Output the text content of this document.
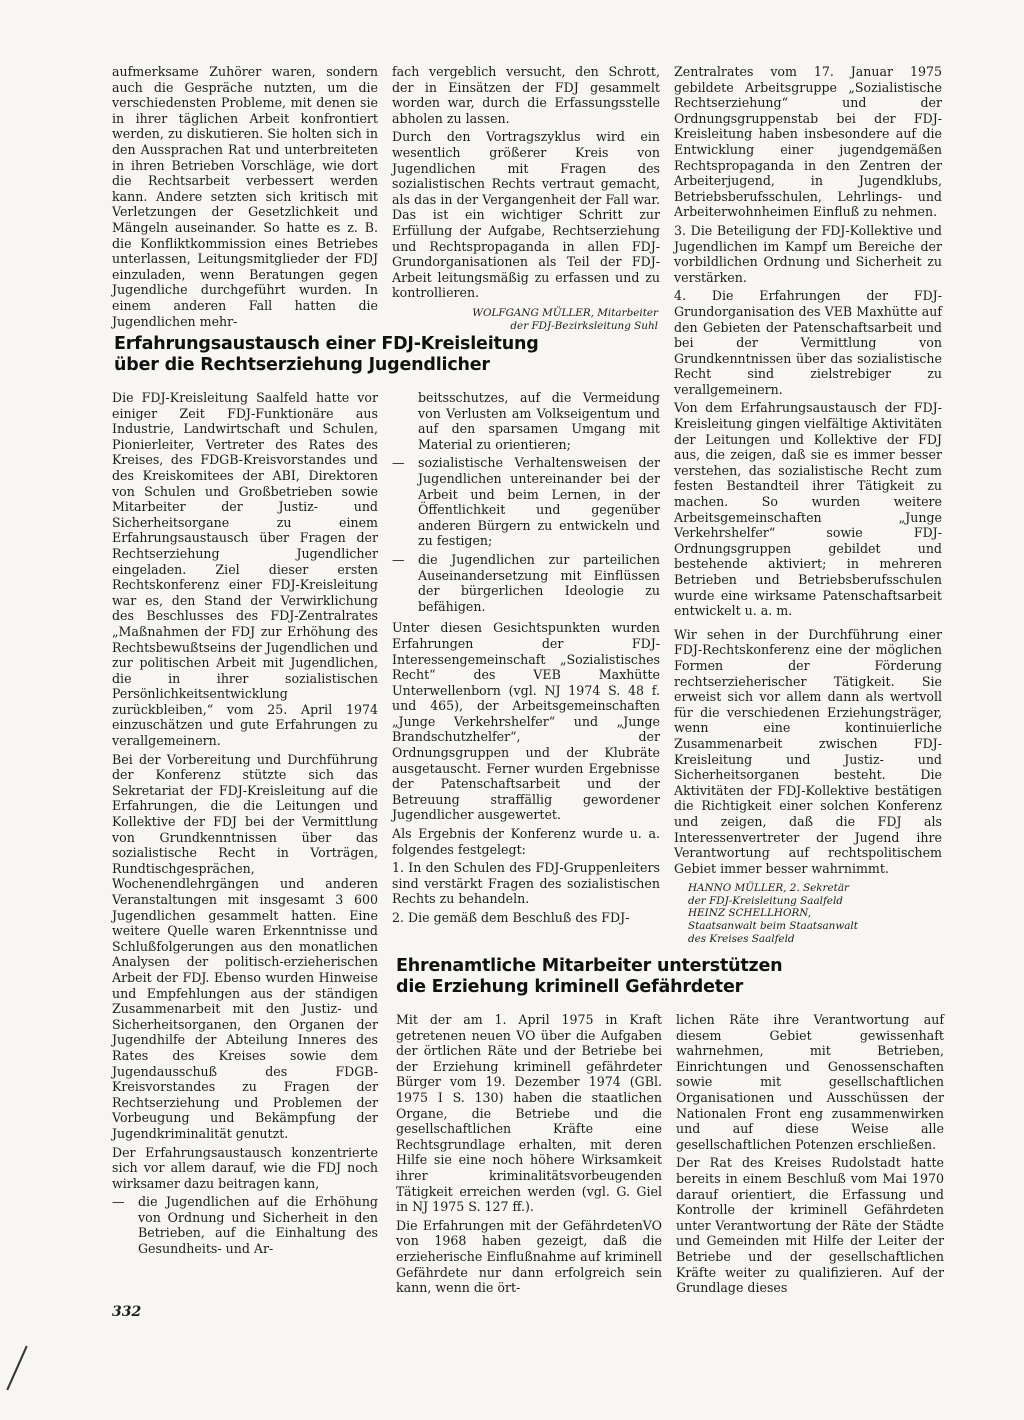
aufmerksame Zuhörer waren, sondern auch die Gespräche nutzten, um die verschiedensten Probleme, mit denen sie in ihrer täglichen Arbeit konfrontiert werden, zu diskutieren. Sie holten sich in den Aussprachen Rat und unterbreiteten in ihren Betrieben Vorschläge, wie dort die Rechtsarbeit verbessert werden kann. Andere setzten sich kritisch mit Verletzungen der Gesetzlichkeit und Mängeln auseinander. So hatte es z. B. die Konfliktkommission eines Betriebes unterlassen, Leitungsmitglieder der FDJ einzuladen, wenn Beratungen gegen Jugendliche durchgeführt wurden. In einem anderen Fall hatten die Jugendlichen mehr-

fach vergeblich versucht, den Schrott, der in Einsätzen der FDJ gesammelt worden war, durch die Erfassungsstelle abholen zu lassen.

Durch den Vortragszyklus wird ein wesentlich größerer Kreis von Jugendlichen mit Fragen des sozialistischen Rechts vertraut gemacht, als das in der Vergangenheit der Fall war. Das ist ein wichtiger Schritt zur Erfüllung der Aufgabe, Rechtserziehung und Rechtspropaganda in allen FDJ-Grundorganisationen als Teil der FDJ-Arbeit leitungsmäßig zu erfassen und zu kontrollieren.

WOLFGANG MÜLLER, Mitarbeiter
der FDJ-Bezirksleitung Suhl
Erfahrungsaustausch einer FDJ-Kreisleitung
über die Rechtserziehung Jugendlicher

Die FDJ-Kreisleitung Saalfeld hatte vor einiger Zeit FDJ-Funktionäre aus Industrie, Landwirtschaft und Schulen, Pionierleiter, Vertreter des Rates des Kreises, des FDGB-Kreisvorstandes und des Kreiskomitees der ABI, Direktoren von Schulen und Großbetrieben sowie Mitarbeiter der Justiz- und Sicherheitsorgane zu einem Erfahrungsaustausch über Fragen der Rechtserziehung Jugendlicher eingeladen. Ziel dieser ersten Rechtskonferenz einer FDJ-Kreisleitung war es, den Stand der Verwirklichung des Beschlusses des FDJ-Zentralrates „Maßnahmen der FDJ zur Erhöhung des Rechtsbewußtseins der Jugendlichen und zur politischen Arbeit mit Jugendlichen, die in ihrer sozialistischen Persönlichkeitsentwicklung zurückbleiben,“ vom 25. April 1974 einzuschätzen und gute Erfahrungen zu verallgemeinern.

Bei der Vorbereitung und Durchführung der Konferenz stützte sich das Sekretariat der FDJ-Kreisleitung auf die Erfahrungen, die die Leitungen und Kollektive der FDJ bei der Vermittlung von Grundkenntnissen über das sozialistische Recht in Vorträgen, Rundtischgesprächen, Wochenendlehrgängen und anderen Veranstaltungen mit insgesamt 3 600 Jugendlichen gesammelt hatten. Eine weitere Quelle waren Erkenntnisse und Schlußfolgerungen aus den monatlichen Analysen der politisch-erzieherischen Arbeit der FDJ. Ebenso wurden Hinweise und Empfehlungen aus der ständigen Zusammenarbeit mit den Justiz- und Sicherheitsorganen, den Organen der Jugendhilfe der Abteilung Inneres des Rates des Kreises sowie dem Jugendausschuß des FDGB-Kreisvorstandes zu Fragen der Rechtserziehung und Problemen der Vorbeugung und Bekämpfung der Jugendkriminalität genutzt.

Der Erfahrungsaustausch konzentrierte sich vor allem darauf, wie die FDJ noch wirksamer dazu beitragen kann,

— die Jugendlichen auf die Erhöhung von Ordnung und Sicherheit in den Betrieben, auf die Einhaltung des Gesundheits- und Ar-

beitsschutzes, auf die Vermeidung von Verlusten am Volkseigentum und auf den sparsamen Umgang mit Material zu orientieren;

— sozialistische Verhaltensweisen der Jugendlichen untereinander bei der Arbeit und beim Lernen, in der Öffentlichkeit und gegenüber anderen Bürgern zu entwickeln und zu festigen;

— die Jugendlichen zur parteilichen Auseinandersetzung mit Einflüssen der bürgerlichen Ideologie zu befähigen.

Unter diesen Gesichtspunkten wurden Erfahrungen der FDJ-Interessengemeinschaft „Sozialistisches Recht“ des VEB Maxhütte Unterwellenborn (vgl. NJ 1974 S. 48 f. und 465), der Arbeitsgemeinschaften „Junge Verkehrshelfer“ und „Junge Brandschutzhelfer“, der Ordnungsgruppen und der Klubräte ausgetauscht. Ferner wurden Ergebnisse der Patenschaftsarbeit und der Betreuung straffällig gewordener Jugendlicher ausgewertet.

Als Ergebnis der Konferenz wurde u. a. folgendes festgelegt:

1. In den Schulen des FDJ-Gruppenleiters sind verstärkt Fragen des sozialistischen Rechts zu behandeln.

2. Die gemäß dem Beschluß des FDJ-

Zentralrates vom 17. Januar 1975 gebildete Arbeitsgruppe „Sozialistische Rechtserziehung“ und der Ordnungsgruppenstab bei der FDJ-Kreisleitung haben insbesondere auf die Entwicklung einer jugendgemäßen Rechtspropaganda in den Zentren der Arbeiterjugend, in Jugendklubs, Betriebsberufsschulen, Lehrlings- und Arbeiterwohnheimen Einfluß zu nehmen.

3. Die Beteiligung der FDJ-Kollektive und Jugendlichen im Kampf um Bereiche der vorbildlichen Ordnung und Sicherheit zu verstärken.

4. Die Erfahrungen der FDJ-Grundorganisation des VEB Maxhütte auf den Gebieten der Patenschaftsarbeit und bei der Vermittlung von Grundkenntnissen über das sozialistische Recht sind zielstrebiger zu verallgemeinern.

Von dem Erfahrungsaustausch der FDJ-Kreisleitung gingen vielfältige Aktivitäten der Leitungen und Kollektive der FDJ aus, die zeigen, daß sie es immer besser verstehen, das sozialistische Recht zum festen Bestandteil ihrer Tätigkeit zu machen. So wurden weitere Arbeitsgemeinschaften „Junge Verkehrshelfer“ sowie FDJ-Ordnungsgruppen gebildet und bestehende aktiviert; in mehreren Betrieben und Betriebsberufsschulen wurde eine wirksame Patenschaftsarbeit entwickelt u. a. m.

Wir sehen in der Durchführung einer FDJ-Rechtskonferenz eine der möglichen Formen der Förderung rechtserzieherischer Tätigkeit. Sie erweist sich vor allem dann als wertvoll für die verschiedenen Erziehungsträger, wenn eine kontinuierliche Zusammenarbeit zwischen FDJ-Kreisleitung und Justiz- und Sicherheitsorganen besteht. Die Aktivitäten der FDJ-Kollektive bestätigen die Richtigkeit einer solchen Konferenz und zeigen, daß die FDJ als Interessenvertreter der Jugend ihre Verantwortung auf rechtspolitischem Gebiet immer besser wahrnimmt.

HANNO MÜLLER, 2. Sekretär
der FDJ-Kreisleitung Saalfeld
HEINZ SCHELLHORN,
Staatsanwalt beim Staatsanwalt
des Kreises Saalfeld
Ehrenamtliche Mitarbeiter unterstützen
die Erziehung kriminell Gefährdeter

Mit der am 1. April 1975 in Kraft getretenen neuen VO über die Aufgaben der örtlichen Räte und der Betriebe bei der Erziehung kriminell gefährdeter Bürger vom 19. Dezember 1974 (GBl. 1975 I S. 130) haben die staatlichen Organe, die Betriebe und die gesellschaftlichen Kräfte eine Rechtsgrundlage erhalten, mit deren Hilfe sie eine noch höhere Wirksamkeit ihrer kriminalitätsvorbeugenden Tätigkeit erreichen werden (vgl. G. Giel in NJ 1975 S. 127 ff.).

Die Erfahrungen mit der GefährdetenVO von 1968 haben gezeigt, daß die erzieherische Einflußnahme auf kriminell Gefährdete nur dann erfolgreich sein kann, wenn die ört-

lichen Räte ihre Verantwortung auf diesem Gebiet gewissenhaft wahrnehmen, mit Betrieben, Einrichtungen und Genossenschaften sowie mit gesellschaftlichen Organisationen und Ausschüssen der Nationalen Front eng zusammenwirken und auf diese Weise alle gesellschaftlichen Potenzen erschließen.

Der Rat des Kreises Rudolstadt hatte bereits in einem Beschluß vom Mai 1970 darauf orientiert, die Erfassung und Kontrolle der kriminell Gefährdeten unter Verantwortung der Räte der Städte und Gemeinden mit Hilfe der Leiter der Betriebe und der gesellschaftlichen Kräfte weiter zu qualifizieren. Auf der Grundlage dieses

332
